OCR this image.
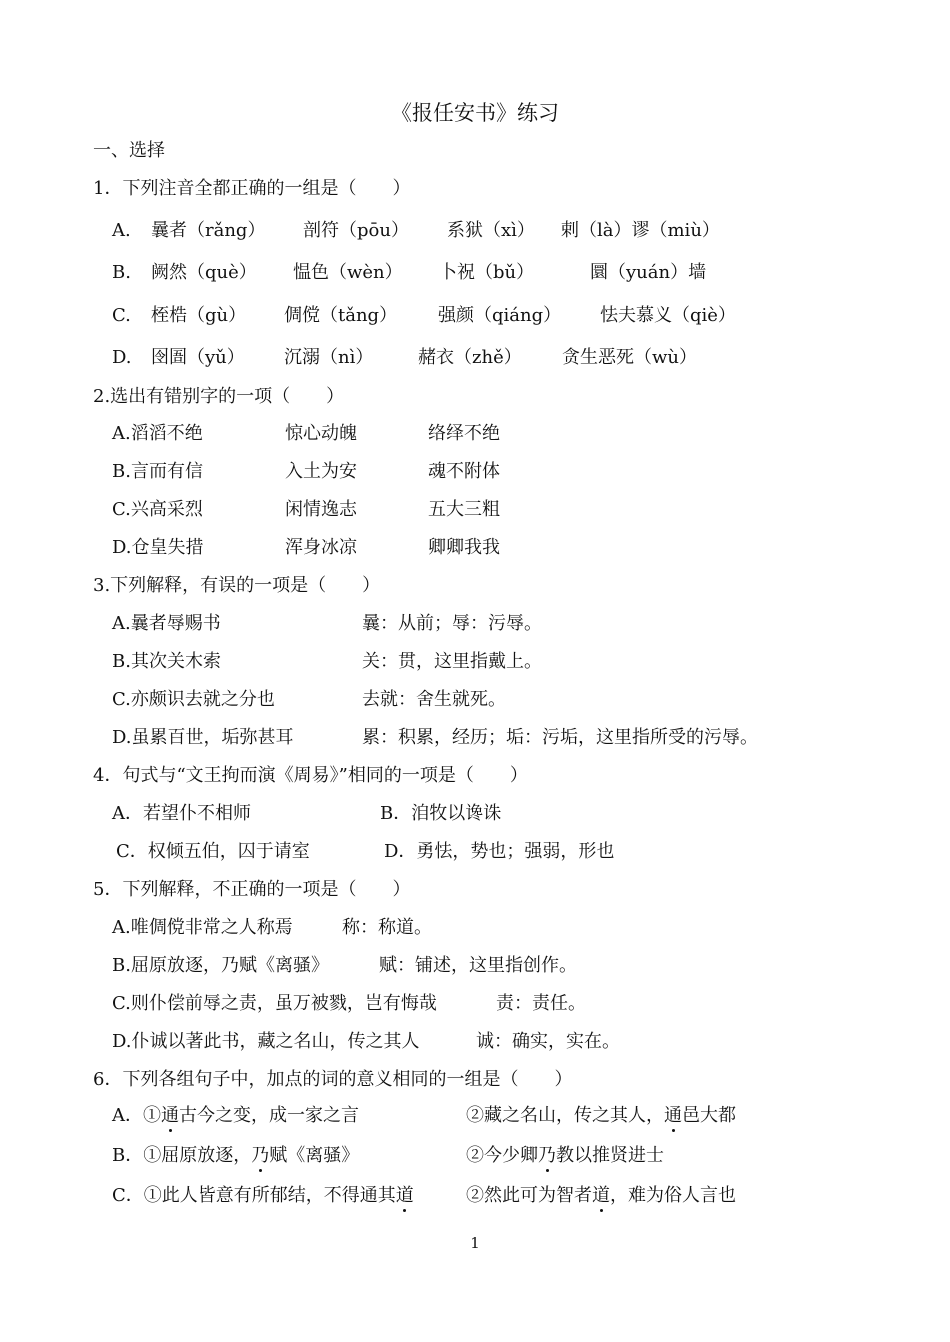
《报任安书》练习
一、选择
1．下列注音全都正确的一组是（　　）
A. 曩者（rǎng） 剖符（pōu） 系狱（xì） 剌（là）谬（miù）
B. 阙然（què） 愠色（wèn） 卜祝（bǔ）	圜（yuán）墙
C. 桎梏（gù） 倜傥（tǎng） 强颜（qiáng） 怯夫慕义（qiè）
D. 囹圄（yǔ） 沉溺（nì） 赭衣（zhě） 贪生恶死（wù）
2.选出有错别字的一项（　　）
A.滔滔不绝	惊心动魄	络绎不绝
B.言而有信	入土为安	魂不附体
C.兴高采烈	闲情逸志	五大三粗
D.仓皇失措	浑身冰凉	卿卿我我
3.下列解释，有误的一项是（　　）
A.曩者辱赐书	曩：从前；辱：污辱。
B.其次关木索	关：贯，这里指戴上。
C.亦颇识去就之分也	去就：舍生就死。
D.虽累百世，垢弥甚耳	累：积累，经历；垢：污垢，这里指所受的污辱。
4．句式与“文王拘而演《周易》”相同的一项是（　　）
A．若望仆不相师	B．洎牧以谗诛
C．权倾五伯，囚于请室	D．勇怯，势也；强弱，形也
5．下列解释，不正确的一项是（　　）
A.唯倜傥非常之人称焉	称：称道。
B.屈原放逐，乃赋《离骚》	赋：铺述，这里指创作。
C.则仆偿前辱之责，虽万被戮，岂有悔哉	责：责任。
D.仆诚以著此书，藏之名山，传之其人	诚：确实，实在。
6．下列各组句子中，加点的词的意义相同的一组是（　　）
A．①通古今之变，成一家之言	②藏之名山，传之其人，通邑大都
B．①屈原放逐，乃赋《离骚》	②今少卿乃教以推贤进士
C．①此人皆意有所郁结，不得通其道	②然此可为智者道，难为俗人言也
1
